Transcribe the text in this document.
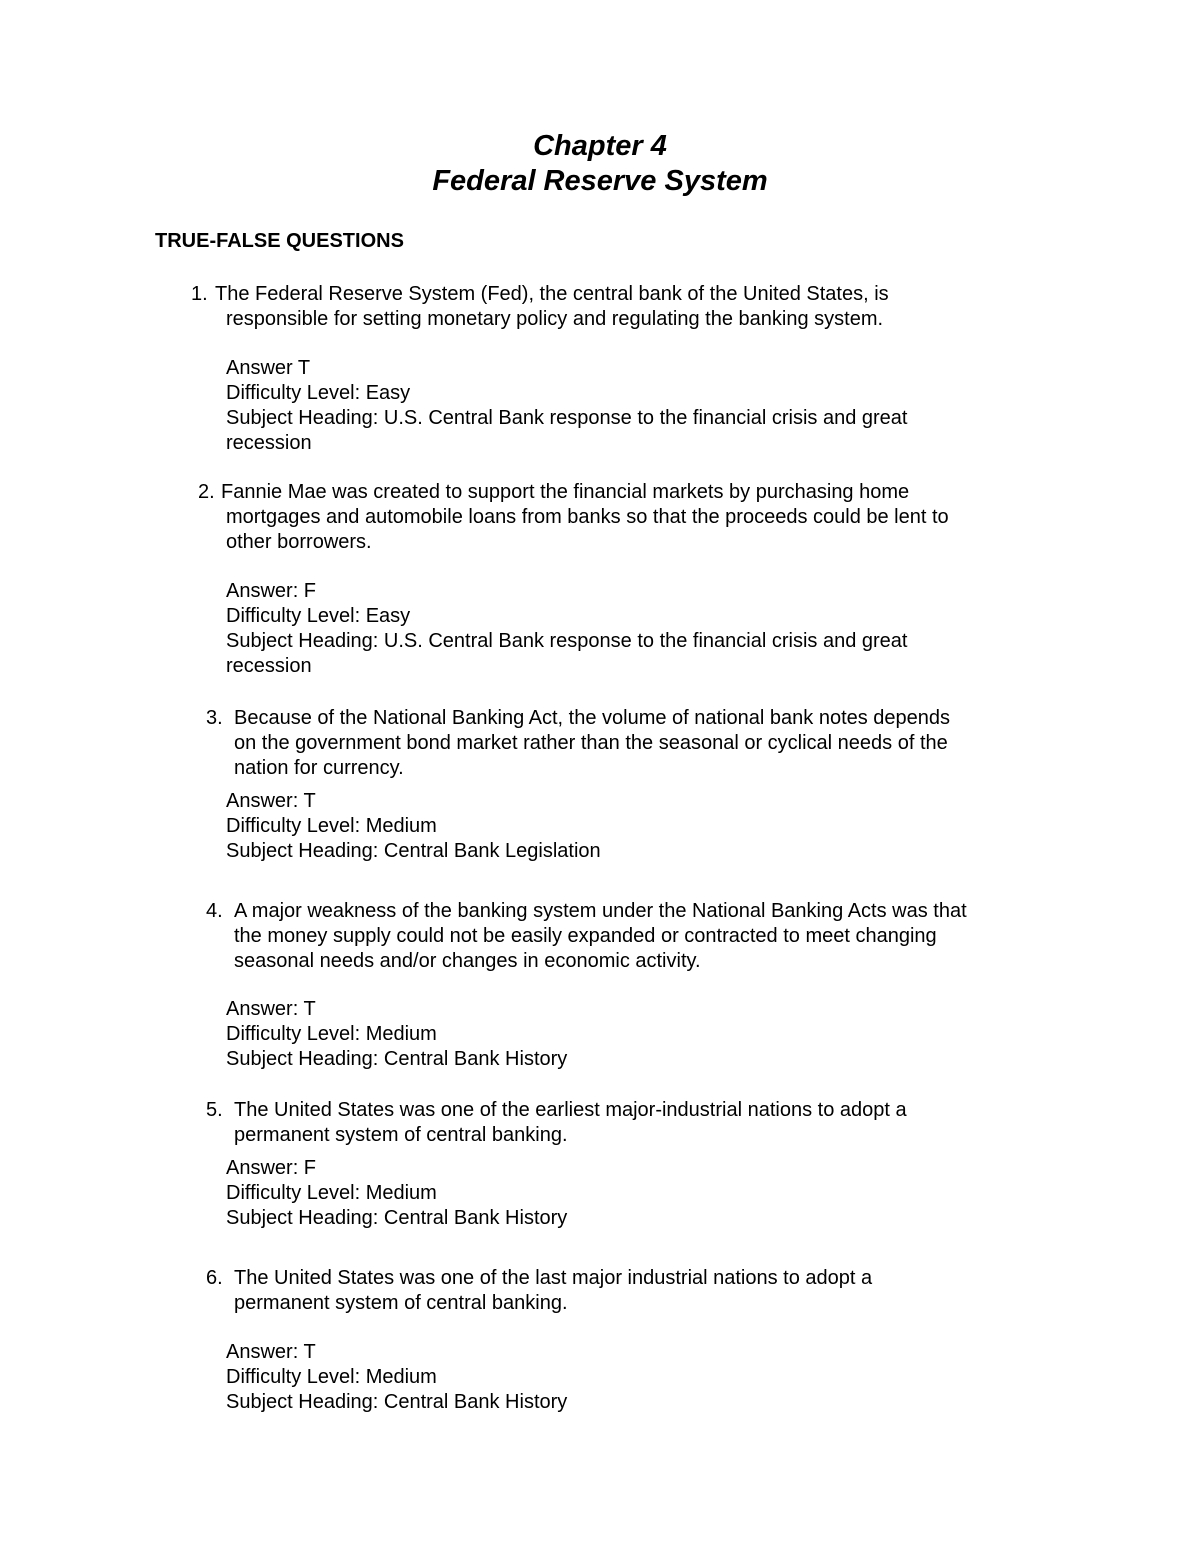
Chapter 4
Federal Reserve System
TRUE-FALSE QUESTIONS
1. The Federal Reserve System (Fed), the central bank of the United States, is
responsible for setting monetary policy and regulating the banking system.
Answer T
Difficulty Level: Easy
Subject Heading: U.S. Central Bank response to the financial crisis and great
recession
2. Fannie Mae was created to support the financial markets by purchasing home
mortgages and automobile loans from banks so that the proceeds could be lent to
other borrowers.
Answer: F
Difficulty Level: Easy
Subject Heading: U.S. Central Bank response to the financial crisis and great
recession
3. Because of the National Banking Act, the volume of national bank notes depends
on the government bond market rather than the seasonal or cyclical needs of the
nation for currency.
Answer: T
Difficulty Level: Medium
Subject Heading: Central Bank Legislation
4. A major weakness of the banking system under the National Banking Acts was that
the money supply could not be easily expanded or contracted to meet changing
seasonal needs and/or changes in economic activity.
Answer: T
Difficulty Level: Medium
Subject Heading: Central Bank History
5. The United States was one of the earliest major-industrial nations to adopt a
permanent system of central banking.
Answer: F
Difficulty Level: Medium
Subject Heading: Central Bank History
6. The United States was one of the last major industrial nations to adopt a
permanent system of central banking.
Answer: T
Difficulty Level: Medium
Subject Heading: Central Bank History
